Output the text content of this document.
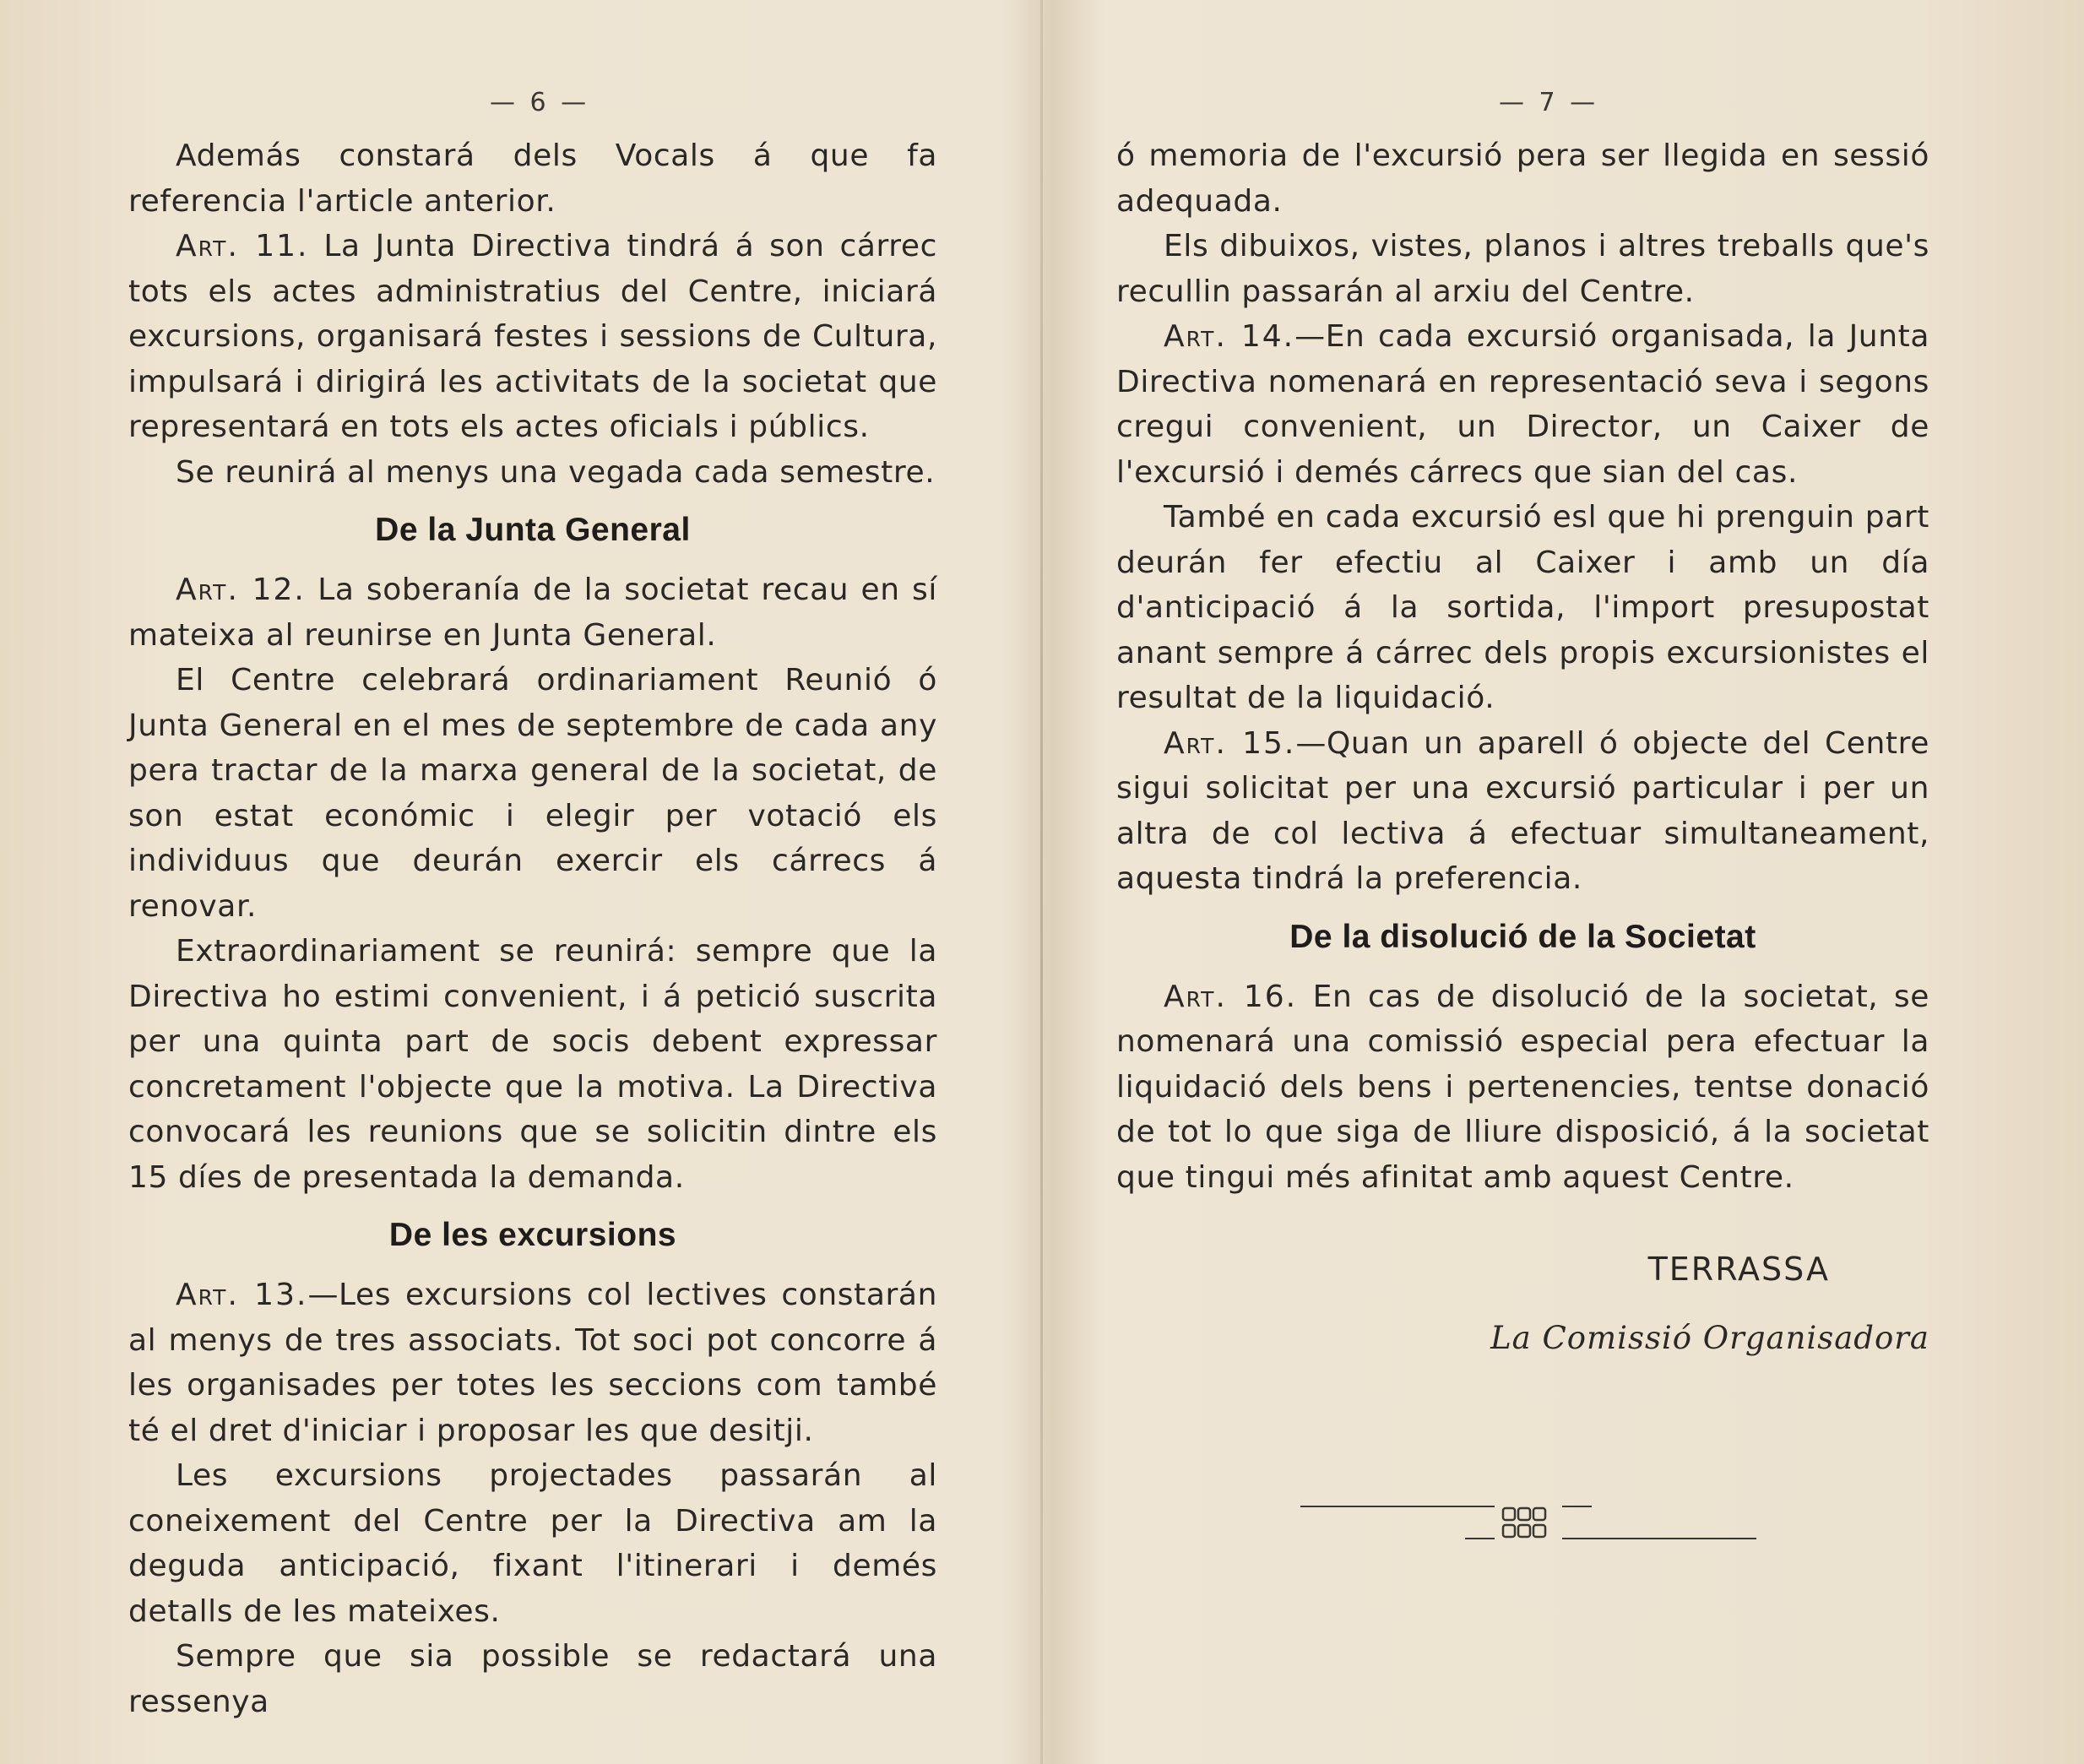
— 6 —

Además constará dels Vocals á que fa referencia l'article anterior.

Art. 11. La Junta Directiva tindrá á son cárrec tots els actes administratius del Centre, iniciará excursions, organisará festes i sessions de Cultura, impulsará i dirigirá les activitats de la societat que representará en tots els actes oficials i públics.

Se reunirá al menys una vegada cada semestre.

De la Junta General

Art. 12. La soberanía de la societat recau en sí mateixa al reunirse en Junta General.

El Centre celebrará ordinariament Reunió ó Junta General en el mes de septembre de cada any pera tractar de la marxa general de la societat, de son estat económic i elegir per votació els individuus que deurán exercir els cárrecs á renovar.

Extraordinariament se reunirá: sempre que la Directiva ho estimi convenient, i á petició suscrita per una quinta part de socis debent expressar concretament l'objecte que la motiva. La Directiva convocará les reunions que se solicitin dintre els 15 díes de presentada la demanda.

De les excursions

Art. 13.—Les excursions col lectives constarán al menys de tres associats. Tot soci pot concorre á les organisades per totes les seccions com també té el dret d'iniciar i proposar les que desitji.

Les excursions projectades passarán al coneixement del Centre per la Directiva am la deguda anticipació, fixant l'itinerari i demés detalls de les mateixes.

Sempre que sia possible se redactará una ressenya

— 7 —

ó memoria de l'excursió pera ser llegida en sessió adequada.

Els dibuixos, vistes, planos i altres treballs que's recullin passarán al arxiu del Centre.

Art. 14.—En cada excursió organisada, la Junta Directiva nomenará en representació seva i segons cregui convenient, un Director, un Caixer de l'excursió i demés cárrecs que sian del cas.

També en cada excursió esl que hi prenguin part deurán fer efectiu al Caixer i amb un día d'anticipació á la sortida, l'import presupostat anant sempre á cárrec dels propis excursionistes el resultat de la liquidació.

Art. 15.—Quan un aparell ó objecte del Centre sigui solicitat per una excursió particular i per un altra de col lectiva á efectuar simultaneament, aquesta tindrá la preferencia.

De la disolució de la Societat

Art. 16. En cas de disolució de la societat, se nomenará una comissió especial pera efectuar la liquidació dels bens i pertenencies, tentse donació de tot lo que siga de lliure disposició, á la societat que tingui més afinitat amb aquest Centre.

TERRASSA
La Comissió Organisadora
